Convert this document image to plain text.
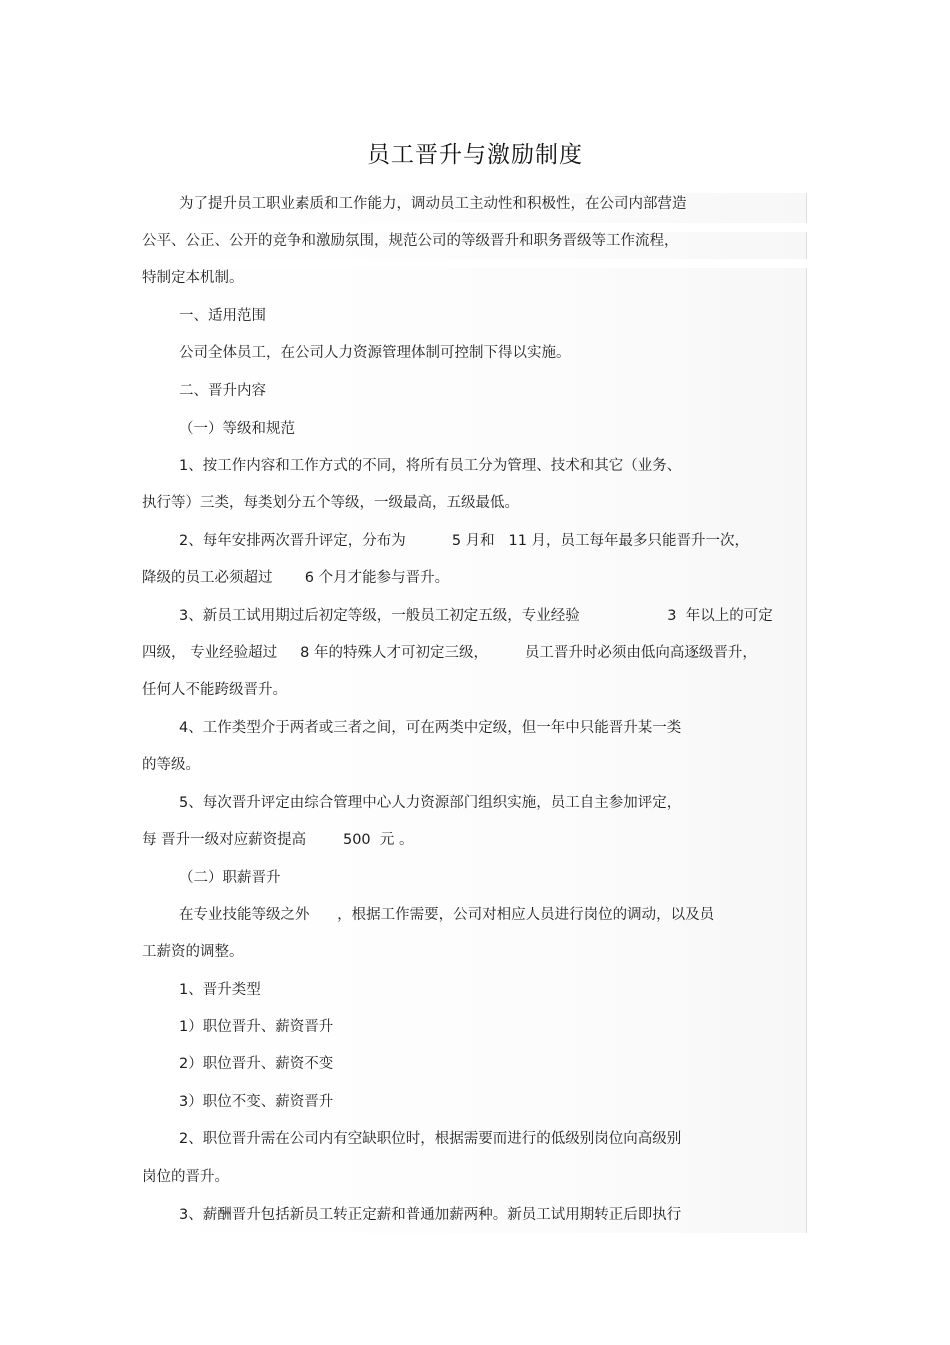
员工晋升与激励制度
为了提升员工职业素质和工作能力，调动员工主动性和积极性，在公司内部营造
公平、公正、公开的竞争和激励氛围，规范公司的等级晋升和职务晋级等工作流程，
特制定本机制。
一、适用范围
公司全体员工，在公司人力资源管理体制可控制下得以实施。
二、晋升内容
（一）等级和规范
1、按工作内容和工作方式的不同，将所有员工分为管理、技术和其它（业务、
执行等）三类，每类划分五个等级，一级最高，五级最低。
2、每年安排两次晋升评定，分布为          5 月和   11 月，员工每年最多只能晋升一次，
降级的员工必须超过       6 个月才能参与晋升。
3、新员工试用期过后初定等级，一般员工初定五级，专业经验                   3  年以上的可定
四级， 专业经验超过     8 年的特殊人才可初定三级，        员工晋升时必须由低向高逐级晋升，
任何人不能跨级晋升。
4、工作类型介于两者或三者之间，可在两类中定级，但一年中只能晋升某一类
的等级。
5、每次晋升评定由综合管理中心人力资源部门组织实施，员工自主参加评定，
每 晋升一级对应薪资提高        500  元 。
（二）职薪晋升
在专业技能等级之外      ，根据工作需要，公司对相应人员进行岗位的调动，以及员
工薪资的调整。
1、晋升类型
1）职位晋升、薪资晋升
2）职位晋升、薪资不变
3）职位不变、薪资晋升
2、职位晋升需在公司内有空缺职位时，根据需要而进行的低级别岗位向高级别
岗位的晋升。
3、薪酬晋升包括新员工转正定薪和普通加薪两种。新员工试用期转正后即执行
